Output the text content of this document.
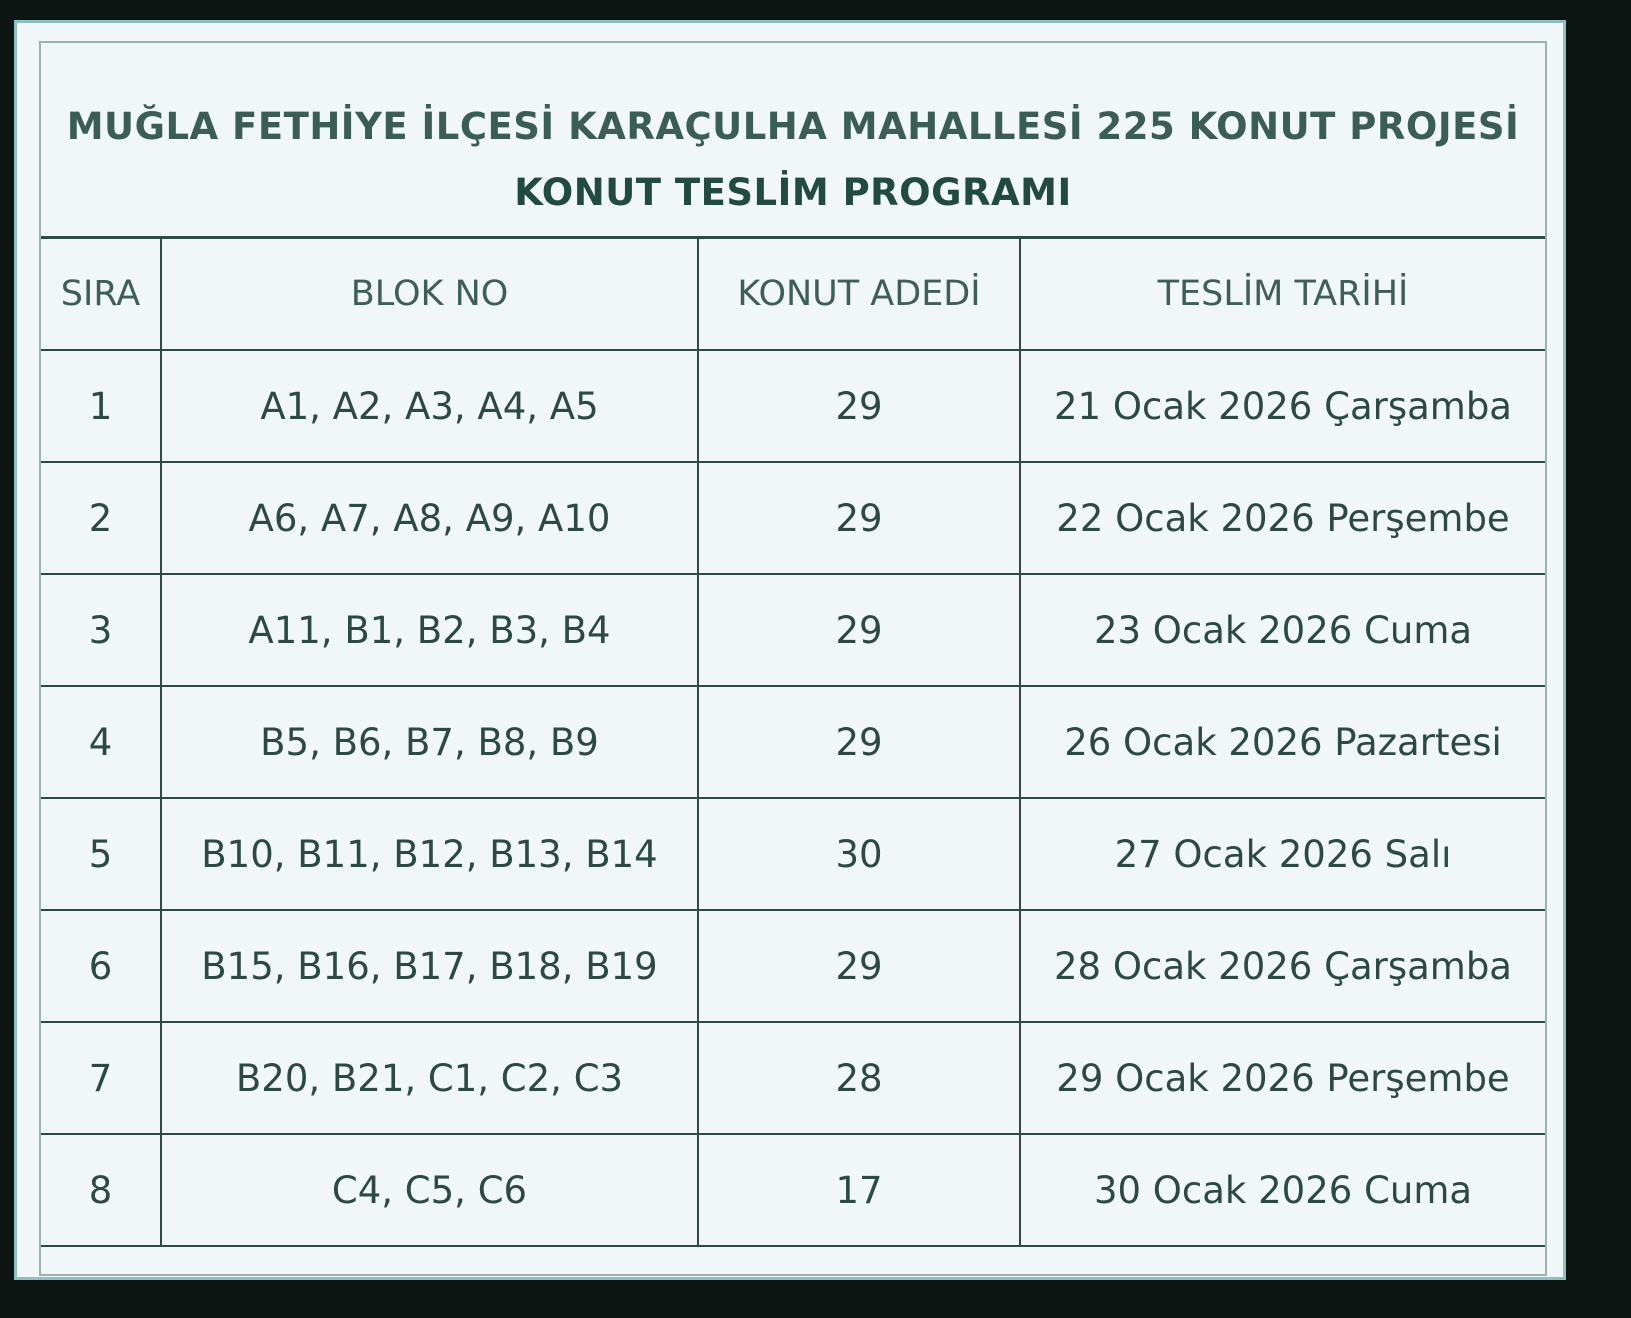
MUĞLA FETHİYE İLÇESİ KARAÇULHA MAHALLESİ 225 KONUT PROJESİ
KONUT TESLİM PROGRAMI
SIRA	BLOK NO	KONUT ADEDİ	TESLİM TARİHİ
1	A1, A2, A3, A4, A5	29	21 Ocak 2026 Çarşamba
2	A6, A7, A8, A9, A10	29	22 Ocak 2026 Perşembe
3	A11, B1, B2, B3, B4	29	23 Ocak 2026 Cuma
4	B5, B6, B7, B8, B9	29	26 Ocak 2026 Pazartesi
5	B10, B11, B12, B13, B14	30	27 Ocak 2026 Salı
6	B15, B16, B17, B18, B19	29	28 Ocak 2026 Çarşamba
7	B20, B21, C1, C2, C3	28	29 Ocak 2026 Perşembe
8	C4, C5, C6	17	30 Ocak 2026 Cuma
